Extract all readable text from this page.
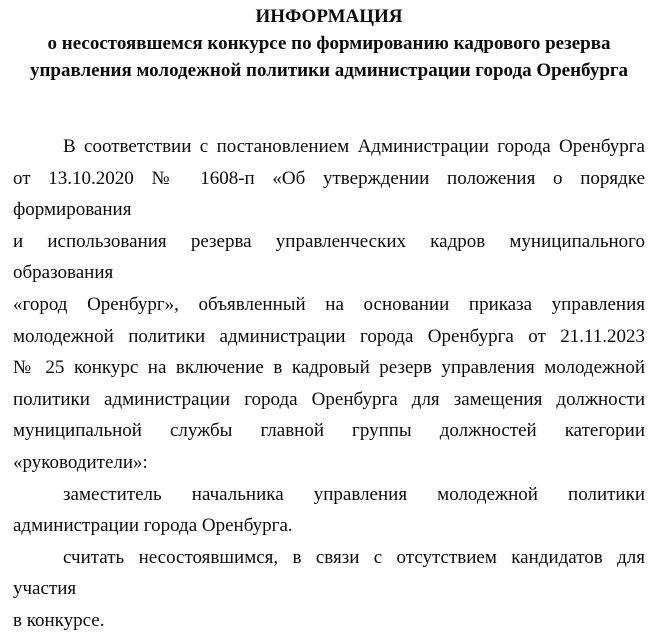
ИНФОРМАЦИЯ
о несостоявшемся конкурсе по формированию кадрового резерва
управления молодежной политики администрации города Оренбурга
В соответствии с постановлением Администрации города Оренбурга
от 13.10.2020 № 1608-п «Об утверждении положения о порядке формирования
и использования резерва управленческих кадров муниципального образования
«город Оренбург», объявленный на основании приказа управления
молодежной политики администрации города Оренбурга от 21.11.2023
№ 25 конкурс на включение в кадровый резерв управления молодежной
политики администрации города Оренбурга для замещения должности
муниципальной службы главной группы должностей категории
«руководители»:
заместитель начальника управления молодежной политики
администрации города Оренбурга.
считать несостоявшимся, в связи с отсутствием кандидатов для участия
в конкурсе.
